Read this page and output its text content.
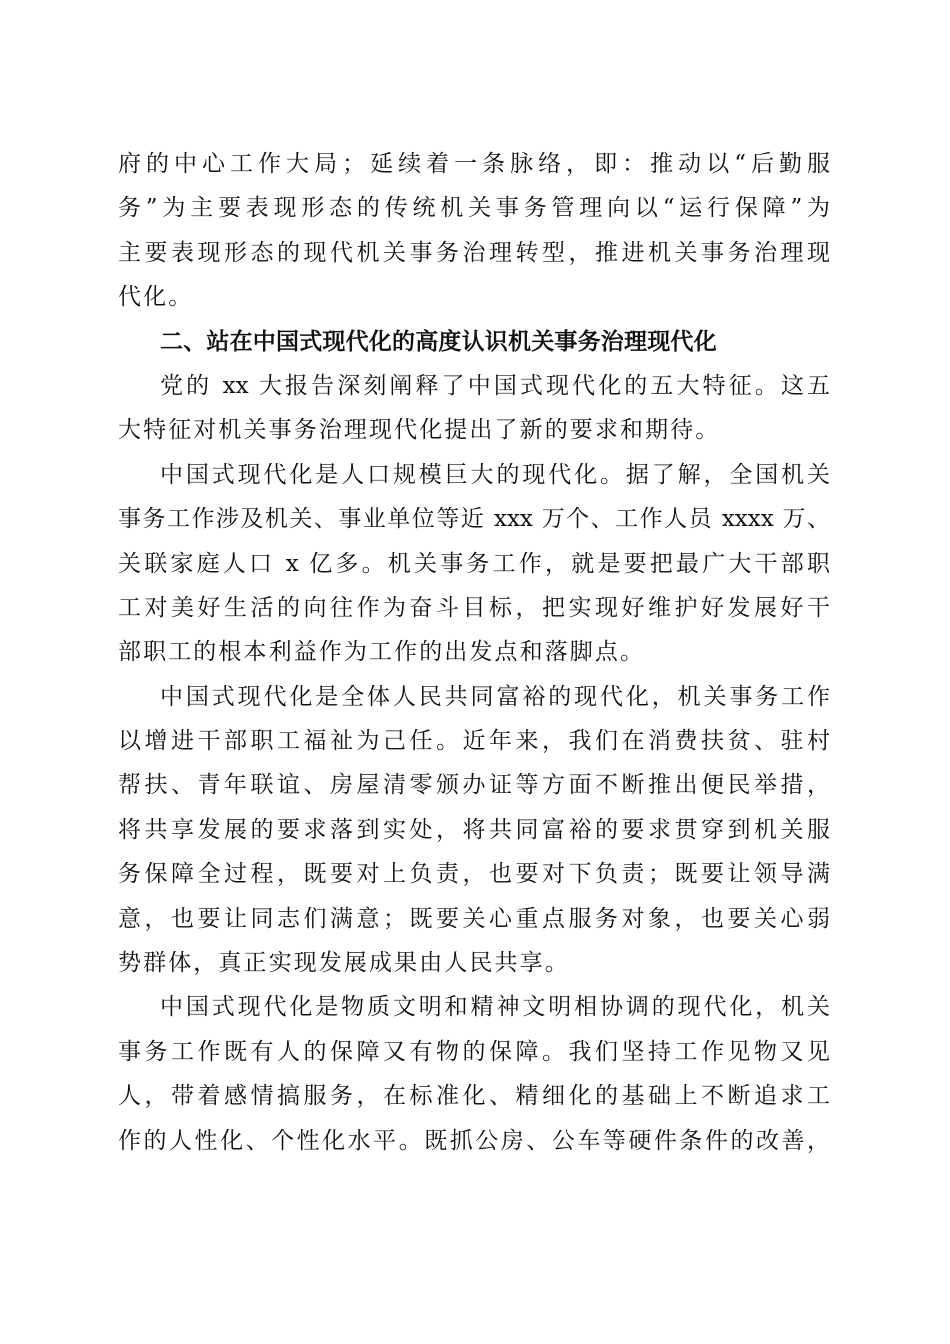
府的中心工作大局；延续着一条脉络，即：推动以“后勤服
务”为主要表现形态的传统机关事务管理向以“运行保障”为
主要表现形态的现代机关事务治理转型，推进机关事务治理现
代化。
二、站在中国式现代化的高度认识机关事务治理现代化
党的 xx 大报告深刻阐释了中国式现代化的五大特征。这五
大特征对机关事务治理现代化提出了新的要求和期待。
中国式现代化是人口规模巨大的现代化。据了解，全国机关
事务工作涉及机关、事业单位等近 xxx 万个、工作人员 xxxx 万、
关联家庭人口 x 亿多。机关事务工作，就是要把最广大干部职
工对美好生活的向往作为奋斗目标，把实现好维护好发展好干
部职工的根本利益作为工作的出发点和落脚点。
中国式现代化是全体人民共同富裕的现代化，机关事务工作
以增进干部职工福祉为己任。近年来，我们在消费扶贫、驻村
帮扶、青年联谊、房屋清零颁办证等方面不断推出便民举措，
将共享发展的要求落到实处，将共同富裕的要求贯穿到机关服
务保障全过程，既要对上负责，也要对下负责；既要让领导满
意，也要让同志们满意；既要关心重点服务对象，也要关心弱
势群体，真正实现发展成果由人民共享。
中国式现代化是物质文明和精神文明相协调的现代化，机关
事务工作既有人的保障又有物的保障。我们坚持工作见物又见
人，带着感情搞服务，在标准化、精细化的基础上不断追求工
作的人性化、个性化水平。既抓公房、公车等硬件条件的改善，
